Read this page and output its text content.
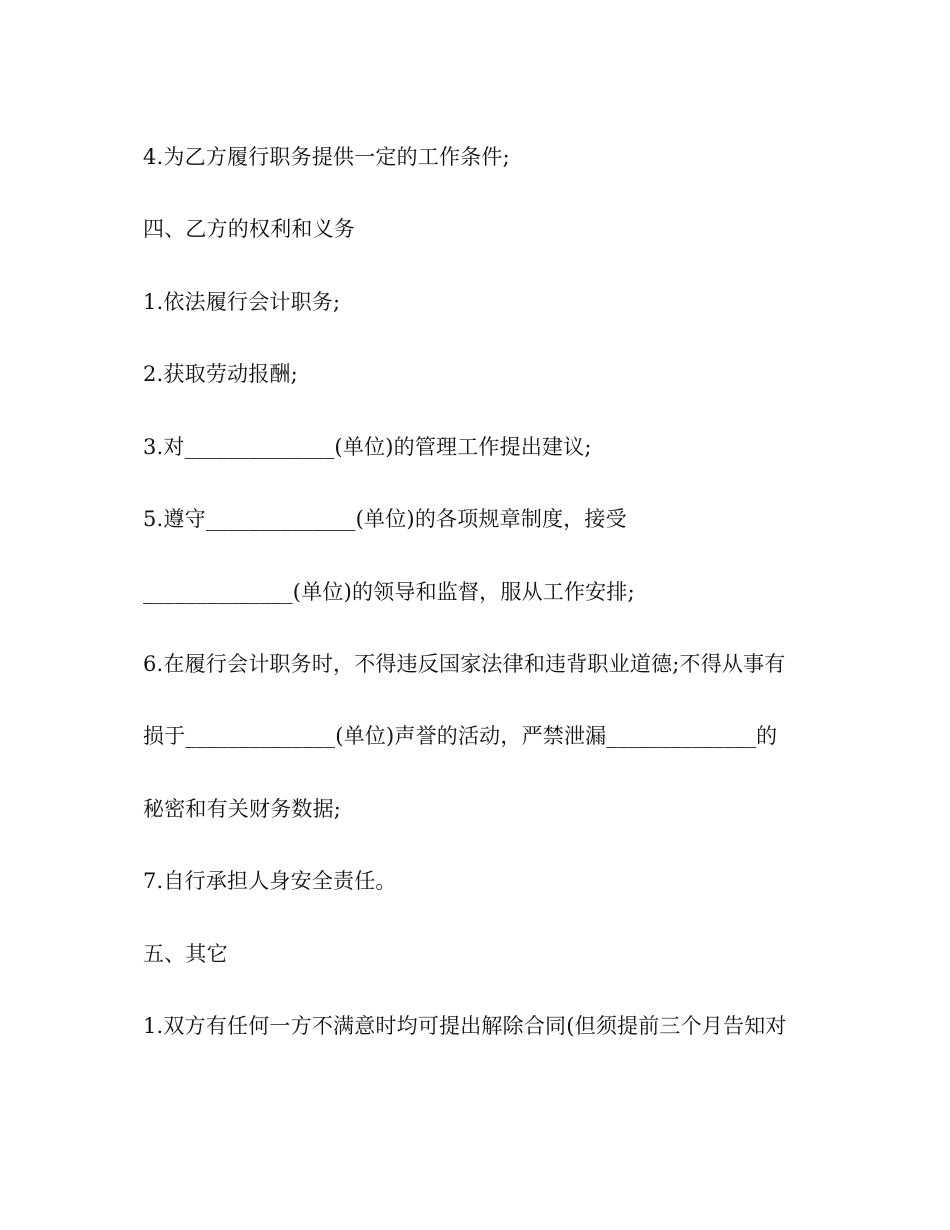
4.为乙方履行职务提供一定的工作条件;
四、乙方的权利和义务
1.依法履行会计职务;
2.获取劳动报酬;
3.对______________(单位)的管理工作提出建议;
5.遵守______________(单位)的各项规章制度，接受
______________(单位)的领导和监督，服从工作安排;
6.在履行会计职务时，不得违反国家法律和违背职业道德;不得从事有
损于______________(单位)声誉的活动，严禁泄漏______________的
秘密和有关财务数据;
7.自行承担人身安全责任。
五、其它
1.双方有任何一方不满意时均可提出解除合同(但须提前三个月告知对
